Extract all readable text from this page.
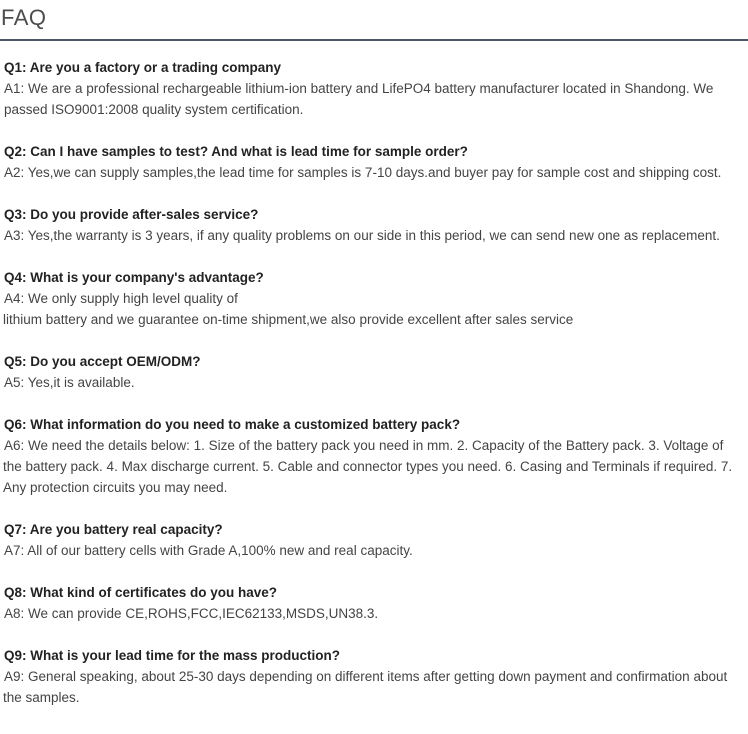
FAQ

Q1: Are you a factory or a trading company

A1: We are a professional rechargeable lithium-ion battery and LifePO4 battery manufacturer located in Shandong. We
passed ISO9001:2008 quality system certification.

Q2: Can I have samples to test? And what is lead time for sample order?

A2: Yes,we can supply samples,the lead time for samples is 7-10 days.and buyer pay for sample cost and shipping cost.

Q3: Do you provide after-sales service?

A3: Yes,the warranty is 3 years, if any quality problems on our side in this period, we can send new one as replacement.

Q4: What is your company's advantage?

A4: We only supply high level quality of
lithium battery and we guarantee on-time shipment,we also provide excellent after sales service

Q5: Do you accept OEM/ODM?

A5: Yes,it is available.

Q6: What information do you need to make a customized battery pack?

A6: We need the details below: 1. Size of the battery pack you need in mm. 2. Capacity of the Battery pack. 3. Voltage of
the battery pack. 4. Max discharge current. 5. Cable and connector types you need. 6. Casing and Terminals if required. 7.
Any protection circuits you may need.

Q7: Are you battery real capacity?

A7: All of our battery cells with Grade A,100% new and real capacity.

Q8: What kind of certificates do you have?

A8: We can provide CE,ROHS,FCC,IEC62133,MSDS,UN38.3.

Q9: What is your lead time for the mass production?

A9: General speaking, about 25-30 days depending on different items after getting down payment and confirmation about
the samples.
